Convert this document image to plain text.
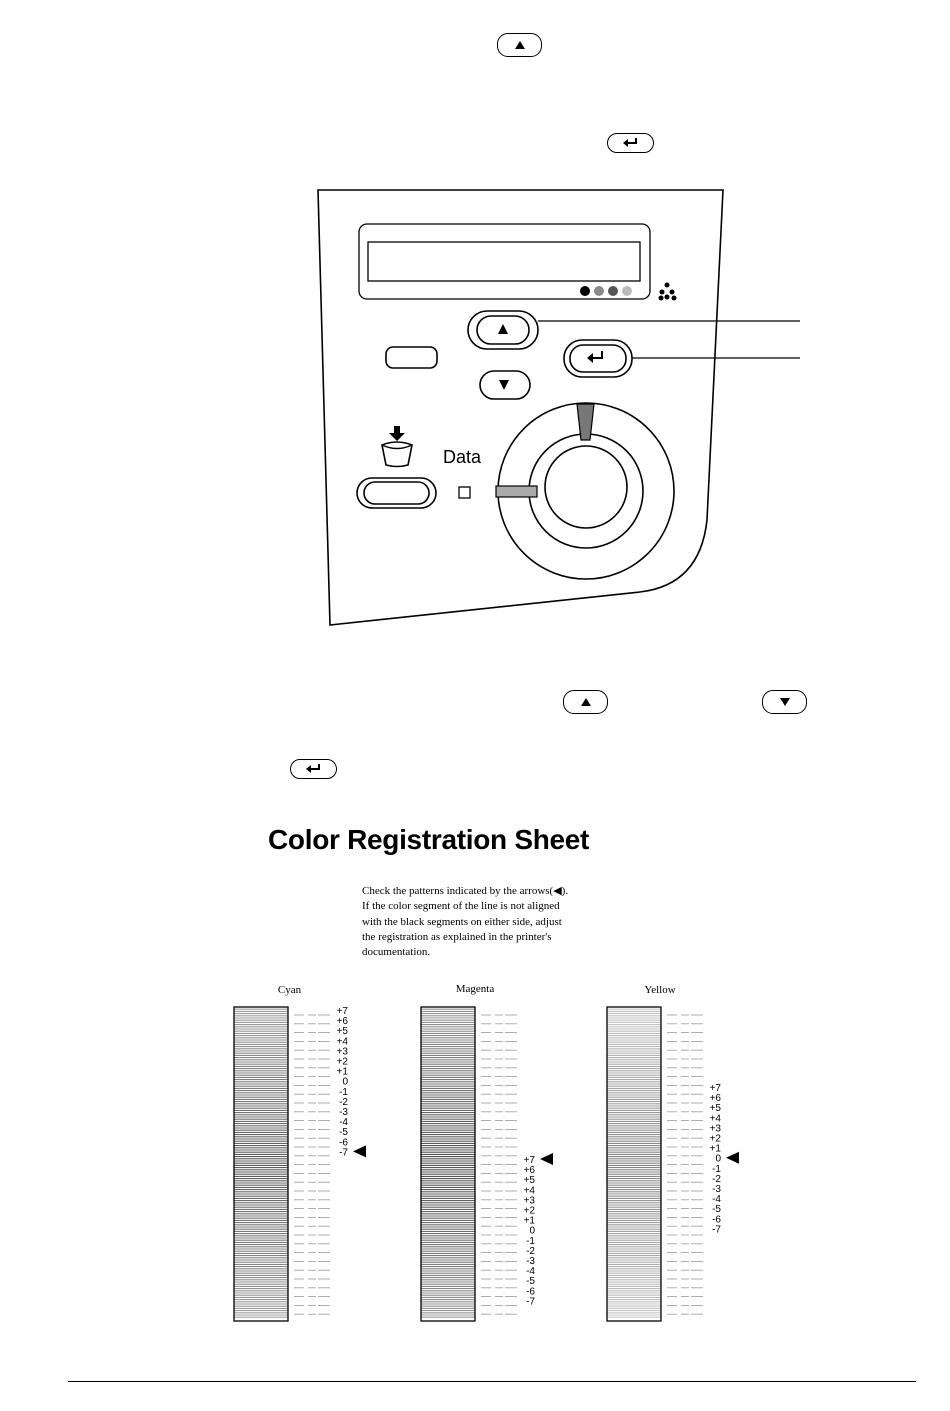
Data
Color Registration Sheet
Check the patterns indicated by the arrows(◀).
If the color segment of the line is not aligned
with the black segments on either side, adjust
the registration as explained in the printer's
documentation.
Cyan	Magenta	Yellow
+7
+6
+5
+4
+3
+2
+1
0
-1
-2
-3
-4
-5
-6
-7
+7
+6
+5
+4
+3
+2
+1
0
-1
-2
-3
-4
-5
-6
-7
+7
+6
+5
+4
+3
+2
+1
0
-1
-2
-3
-4
-5
-6
-7
